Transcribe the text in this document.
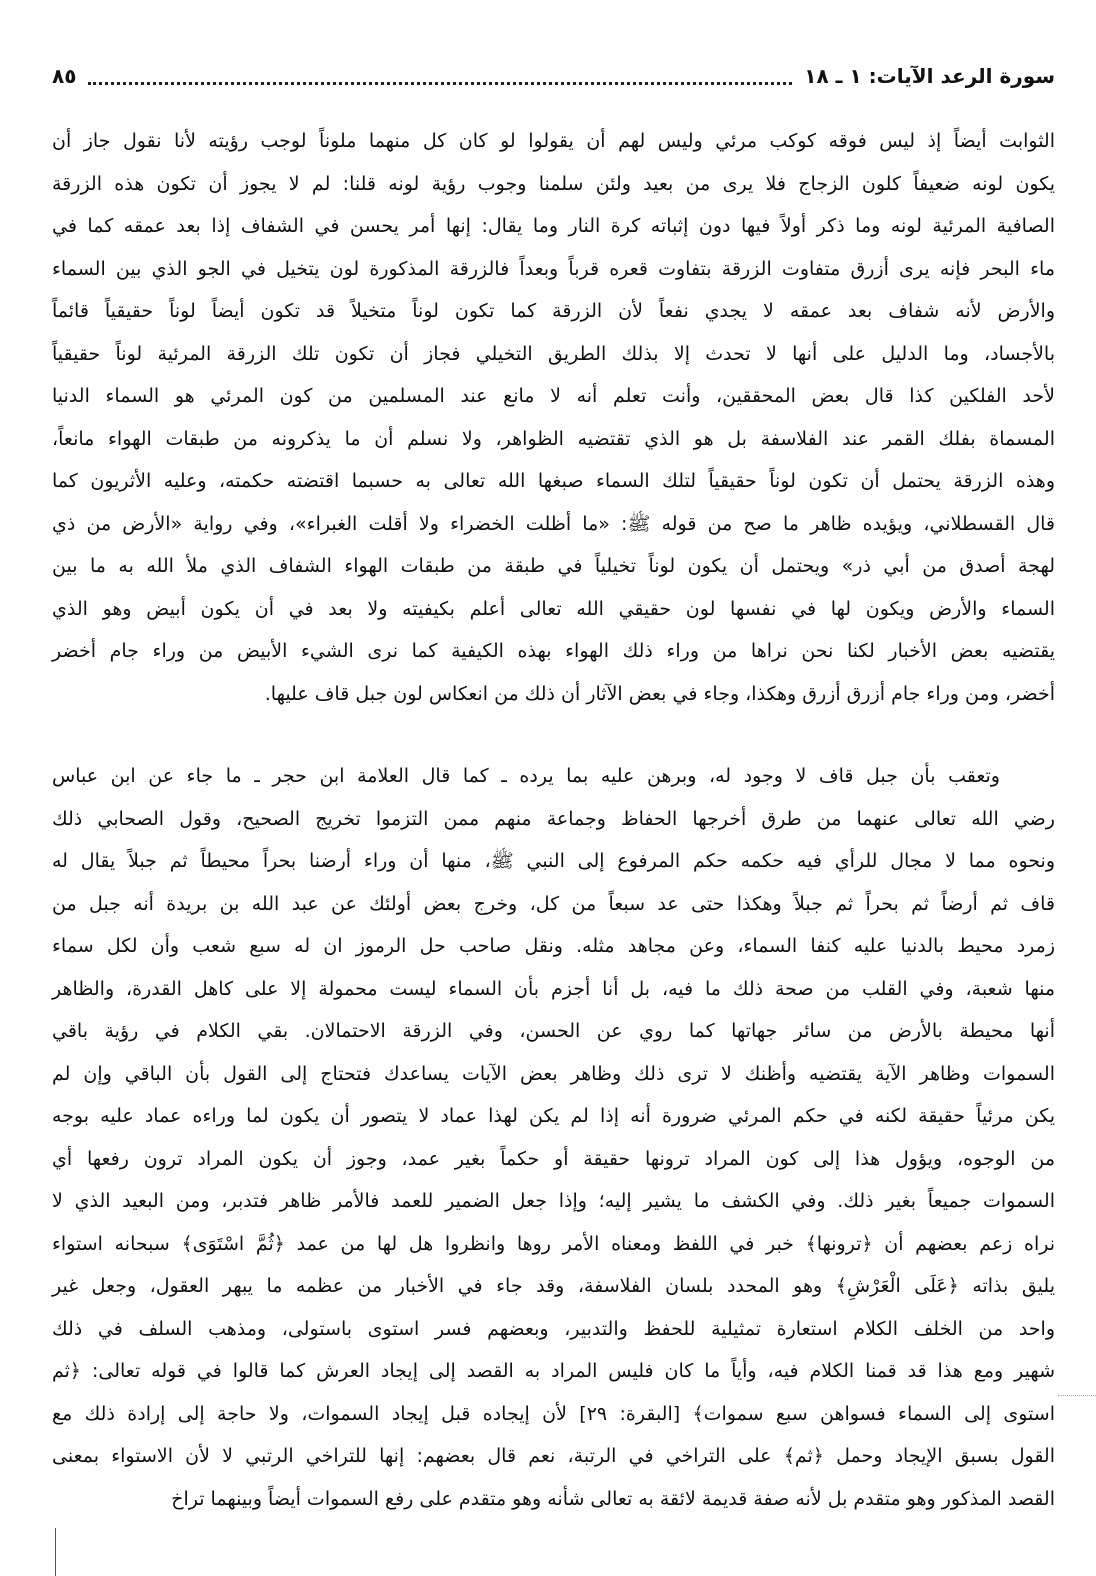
سورة الرعد الآيات: ١ ـ ١٨
٨٥
الثوابت أيضاً إذ ليس فوقه كوكب مرئي وليس لهم أن يقولوا لو كان كل منهما ملوناً لوجب رؤيته لأنا نقول جاز أن
يكون لونه ضعيفاً كلون الزجاج فلا يرى من بعيد ولئن سلمنا وجوب رؤية لونه قلنا: لم لا يجوز أن تكون هذه الزرقة
الصافية المرئية لونه وما ذكر أولاً فيها دون إثباته كرة النار وما يقال: إنها أمر يحسن في الشفاف إذا بعد عمقه كما في
ماء البحر فإنه يرى أزرق متفاوت الزرقة بتفاوت قعره قرباً وبعداً فالزرقة المذكورة لون يتخيل في الجو الذي بين السماء
والأرض لأنه شفاف بعد عمقه لا يجدي نفعاً لأن الزرقة كما تكون لوناً متخيلاً قد تكون أيضاً لوناً حقيقياً قائماً
بالأجساد، وما الدليل على أنها لا تحدث إلا بذلك الطريق التخيلي فجاز أن تكون تلك الزرقة المرئية لوناً حقيقياً
لأحد الفلكين كذا قال بعض المحققين، وأنت تعلم أنه لا مانع عند المسلمين من كون المرئي هو السماء الدنيا
المسماة بفلك القمر عند الفلاسفة بل هو الذي تقتضيه الظواهر، ولا نسلم أن ما يذكرونه من طبقات الهواء مانعاً،
وهذه الزرقة يحتمل أن تكون لوناً حقيقياً لتلك السماء صبغها الله تعالى به حسبما اقتضته حكمته، وعليه الأثريون كما
قال القسطلاني، ويؤيده ظاهر ما صح من قوله ﷺ: «ما أظلت الخضراء ولا أقلت الغبراء»، وفي رواية «الأرض من ذي
لهجة أصدق من أبي ذر» ويحتمل أن يكون لوناً تخيلياً في طبقة من طبقات الهواء الشفاف الذي ملأ الله به ما بين
السماء والأرض ويكون لها في نفسها لون حقيقي الله تعالى أعلم بكيفيته ولا بعد في أن يكون أبيض وهو الذي
يقتضيه بعض الأخبار لكنا نحن نراها من وراء ذلك الهواء بهذه الكيفية كما نرى الشيء الأبيض من وراء جام أخضر
أخضر، ومن وراء جام أزرق أزرق وهكذا، وجاء في بعض الآثار أن ذلك من انعكاس لون جبل قاف عليها.
وتعقب بأن جبل قاف لا وجود له، وبرهن عليه بما يرده ـ كما قال العلامة ابن حجر ـ ما جاء عن ابن عباس
رضي الله تعالى عنهما من طرق أخرجها الحفاظ وجماعة منهم ممن التزموا تخريج الصحيح، وقول الصحابي ذلك
ونحوه مما لا مجال للرأي فيه حكمه حكم المرفوع إلى النبي ﷺ، منها أن وراء أرضنا بحراً محيطاً ثم جبلاً يقال له
قاف ثم أرضاً ثم بحراً ثم جبلاً وهكذا حتى عد سبعاً من كل، وخرج بعض أولئك عن عبد الله بن بريدة أنه جبل من
زمرد محيط بالدنيا عليه كنفا السماء، وعن مجاهد مثله. ونقل صاحب حل الرموز ان له سبع شعب وأن لكل سماء
منها شعبة، وفي القلب من صحة ذلك ما فيه، بل أنا أجزم بأن السماء ليست محمولة إلا على كاهل القدرة، والظاهر
أنها محيطة بالأرض من سائر جهاتها كما روي عن الحسن، وفي الزرقة الاحتمالان. بقي الكلام في رؤية باقي
السموات وظاهر الآية يقتضيه وأظنك لا ترى ذلك وظاهر بعض الآيات يساعدك فتحتاج إلى القول بأن الباقي وإن لم
يكن مرئياً حقيقة لكنه في حكم المرئي ضرورة أنه إذا لم يكن لهذا عماد لا يتصور أن يكون لما وراءه عماد عليه بوجه
من الوجوه، ويؤول هذا إلى كون المراد ترونها حقيقة أو حكماً بغير عمد، وجوز أن يكون المراد ترون رفعها أي
السموات جميعاً بغير ذلك. وفي الكشف ما يشير إليه؛ وإذا جعل الضمير للعمد فالأمر ظاهر فتدبر، ومن البعيد الذي لا
نراه زعم بعضهم أن ﴿ترونها﴾ خبر في اللفظ ومعناه الأمر روها وانظروا هل لها من عمد ﴿ثُمَّ اسْتَوَى﴾ سبحانه استواء
يليق بذاته ﴿عَلَى الْعَرْشِ﴾ وهو المحدد بلسان الفلاسفة، وقد جاء في الأخبار من عظمه ما يبهر العقول، وجعل غير
واحد من الخلف الكلام استعارة تمثيلية للحفظ والتدبير، وبعضهم فسر استوى باستولى، ومذهب السلف في ذلك
شهير ومع هذا قد قمنا الكلام فيه، وأياً ما كان فليس المراد به القصد إلى إيجاد العرش كما قالوا في قوله تعالى: ﴿ثم
استوى إلى السماء فسواهن سبع سموات﴾ [البقرة: ٢٩] لأن إيجاده قبل إيجاد السموات، ولا حاجة إلى إرادة ذلك مع
القول بسبق الإيجاد وحمل ﴿ثم﴾ على التراخي في الرتبة، نعم قال بعضهم: إنها للتراخي الرتبي لا لأن الاستواء بمعنى
القصد المذكور وهو متقدم بل لأنه صفة قديمة لائقة به تعالى شأنه وهو متقدم على رفع السموات أيضاً وبينهما تراخ
